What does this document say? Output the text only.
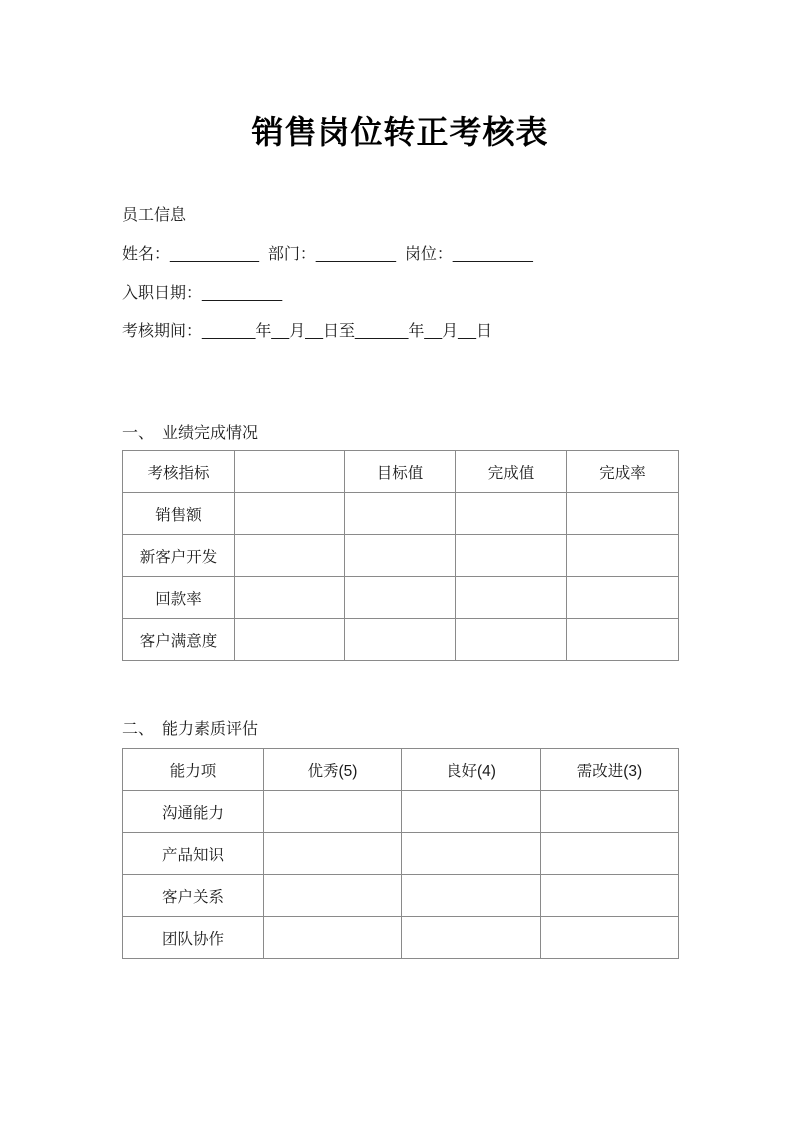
销售岗位转正考核表
员工信息
姓名：__________  部门：_________  岗位：_________
入职日期：_________
考核期间：______年__月__日至______年__月__日
一、　业绩完成情况
考核指标		目标值	完成值	完成率
销售额				
新客户开发				
回款率				
客户满意度				
二、　能力素质评估
能力项	优秀(5)	良好(4)	需改进(3)
沟通能力			
产品知识			
客户关系			
团队协作			
